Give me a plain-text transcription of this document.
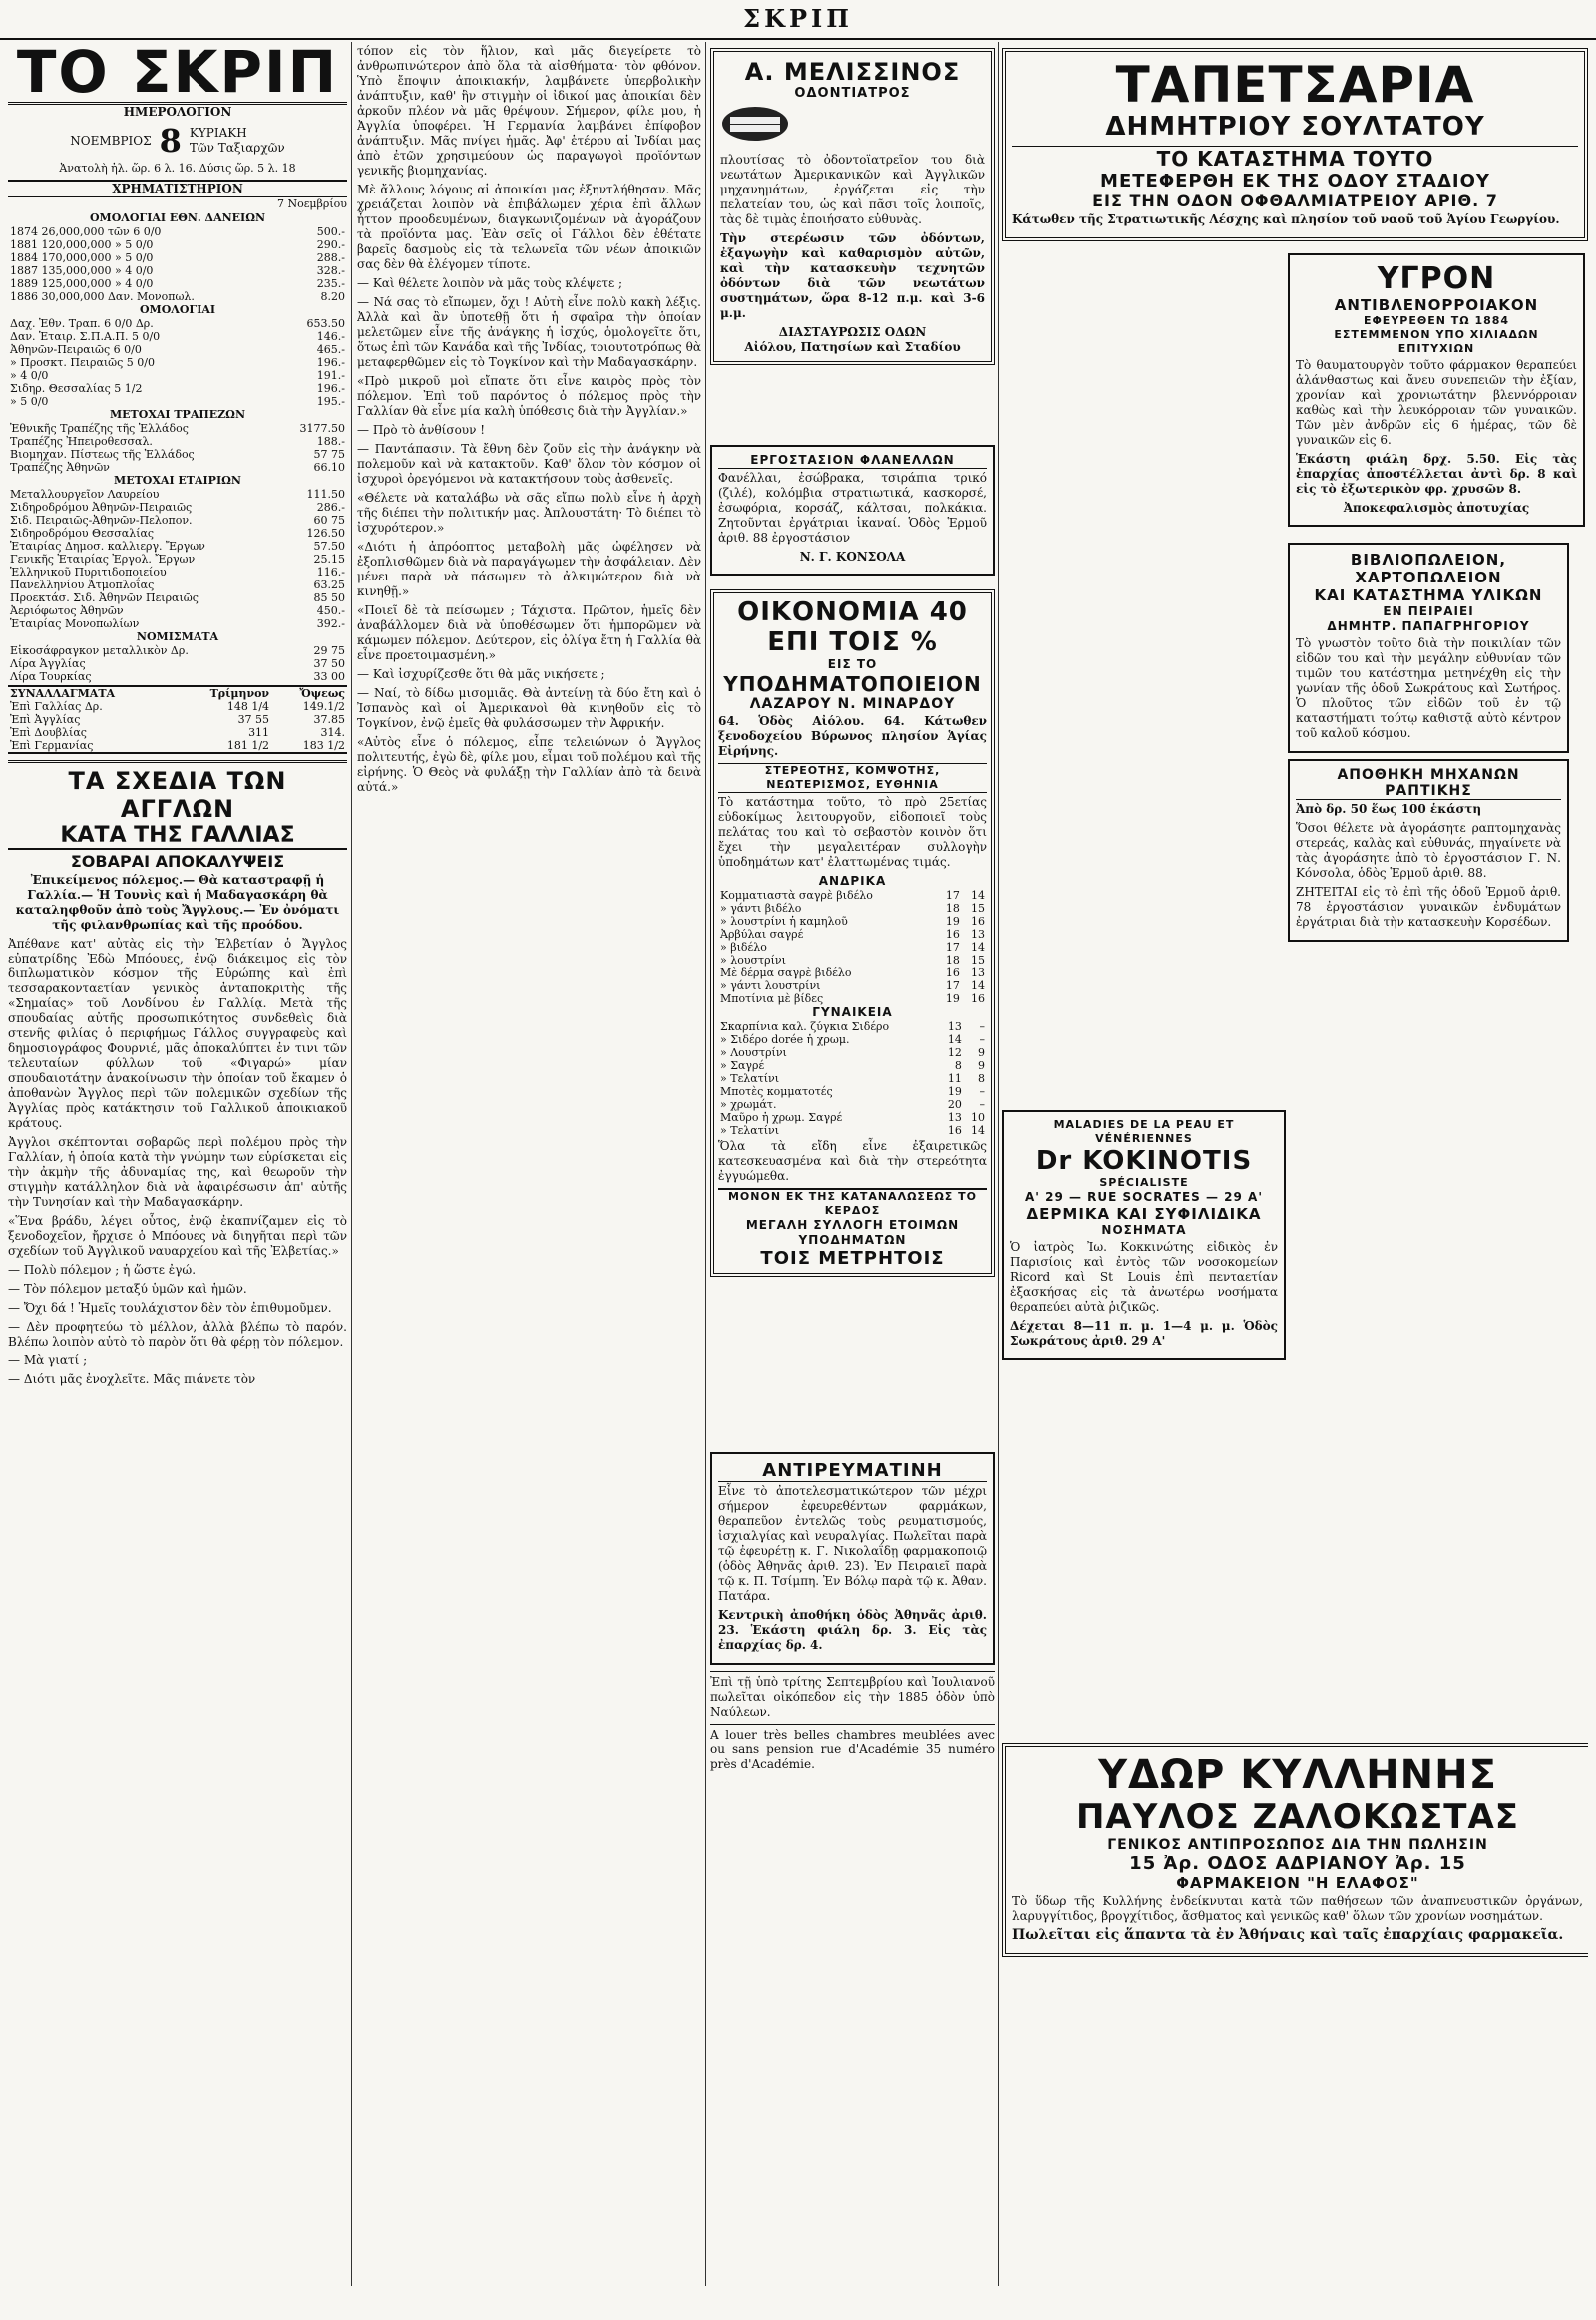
ΣΚΡΙΠ
ΤΟ ΣΚΡΙΠ
ΗΜΕΡΟΛΟΓΙΟΝ
ΝΟΕΜΒΡΙΟΣ 8 ΚΥΡΙΑΚΗ
Τῶν Ταξιαρχῶν
Ἀνατολὴ ἡλ. ὥρ. 6 λ. 16. Δύσις ὥρ. 5 λ. 18
ΧΡΗΜΑΤΙΣΤΗΡΙΟΝ
7 Νοεμβρίου
ΟΜΟΛΟΓΙΑΙ ΕΘΝ. ΔΑΝΕΙΩΝ
1874 26,000,000 τῶν 6 0/0	500.-
1881 120,000,000 » 5 0/0	290.-
1884 170,000,000 » 5 0/0	288.-
1887 135,000,000 » 4 0/0	328.-
1889 125,000,000 » 4 0/0	235.-
1886 30,000,000 Δαν. Μονοπωλ.	8.20
ΟΜΟΛΟΓΙΑΙ
Δαχ. Ἐθν. Τραπ. 6 0/0 Δρ.	653.50
Δαν. Ἑταιρ. Σ.Π.Α.Π. 5 0/0	146.-
Ἀθηνῶν-Πειραιῶς 6 0/0	465.-
» Προσκτ. Πειραιῶς 5 0/0	196.-
» 4 0/0	191.-
Σιδηρ. Θεσσαλίας 5 1/2	196.-
» 5 0/0	195.-
ΜΕΤΟΧΑΙ ΤΡΑΠΕΖΩΝ
Ἐθνικῆς Τραπέζης τῆς Ἑλλάδος	3177.50
Τραπέζης Ἠπειροθεσσαλ.	188.-
Βιομηχαν. Πίστεως τῆς Ἑλλάδος	57 75
Τραπέζης Ἀθηνῶν	66.10
ΜΕΤΟΧΑΙ ΕΤΑΙΡΙΩΝ
Μεταλλουργεῖον Λαυρείου	111.50
Σιδηροδρόμου Ἀθηνῶν-Πειραιῶς	286.-
Σιδ. Πειραιῶς-Ἀθηνῶν-Πελοπον.	60 75
Σιδηροδρόμου Θεσσαλίας	126.50
Ἑταιρίας Δημοσ. καλλιεργ. Ἔργων	57.50
Γενικῆς Ἑταιρίας Ἐργολ. Ἔργων	25.15
Ἑλληνικοῦ Πυριτιδοποιείου	116.-
Πανελληνίου Ἀτμοπλοΐας	63.25
Προεκτάσ. Σιδ. Ἀθηνῶν Πειραιῶς	85 50
Ἀεριόφωτος Ἀθηνῶν	450.-
Ἑταιρίας Μονοπωλίων	392.-
ΝΟΜΙΣΜΑΤΑ
Εἰκοσάφραγκον μεταλλικὸν Δρ.	29 75
Λίρα Ἀγγλίας	37 50
Λίρα Τουρκίας	33 00
ΣΥΝΑΛΛΑΓΜΑΤΑ	Τρίμηνον	Ὄψεως
Ἐπὶ Γαλλίας Δρ.	148 1/4	149.1/2
Ἐπὶ Ἀγγλίας	37 55	37.85
Ἐπὶ Δουβλίας	311	314.
Ἐπὶ Γερμανίας	181 1/2	183 1/2
ΤΑ ΣΧΕΔΙΑ ΤΩΝ ΑΓΓΛΩΝ
ΚΑΤΑ ΤΗΣ ΓΑΛΛΙΑΣ
ΣΟΒΑΡΑΙ ΑΠΟΚΑΛΥΨΕΙΣ
Ἐπικείμενος πόλεμος.— Θὰ καταστραφῇ ἡ Γαλλία.— Ἡ Τουνὶς καὶ ἡ Μαδαγασκάρη θὰ καταληφθοῦν ἀπὸ τοὺς Ἄγγλους.— Ἐν ὀνόματι τῆς φιλανθρωπίας καὶ τῆς προόδου.
Ἀπέθανε κατ' αὐτὰς εἰς τὴν Ἑλβετίαν ὁ Ἄγγλος εὐπατρίδης Ἐδὼ Μπόουες, ἐνῷ διάκειμος εἰς τὸν διπλωματικὸν κόσμον τῆς Εὐρώπης καὶ ἐπὶ τεσσαρακονταετίαν γενικὸς ἀνταποκριτὴς τῆς «Σημαίας» τοῦ Λονδίνου ἐν Γαλλίᾳ. Μετὰ τῆς σπουδαίας αὐτῆς προσωπικότητος συνδεθεὶς διὰ στενῆς φιλίας ὁ περιφήμως Γάλλος συγγραφεὺς καὶ δημοσιογράφος Φουρνιέ, μᾶς ἀποκαλύπτει ἐν τινι τῶν τελευταίων φύλλων τοῦ «Φιγαρώ» μίαν σπουδαιοτάτην ἀνακοίνωσιν τὴν ὁποίαν τοῦ ἔκαμεν ὁ ἀποθανὼν Ἄγγλος περὶ τῶν πολεμικῶν σχεδίων τῆς Ἀγγλίας πρὸς κατάκτησιν τοῦ Γαλλικοῦ ἀποικιακοῦ κράτους.
Ἀγγλοι σκέπτονται σοβαρῶς περὶ πολέμου πρὸς τὴν Γαλλίαν, ἡ ὁποία κατὰ τὴν γνώμην των εὑρίσκεται εἰς τὴν ἀκμὴν τῆς ἀδυναμίας της, καὶ θεωροῦν τὴν στιγμὴν κατάλληλον διὰ νὰ ἀφαιρέσωσιν ἀπ' αὐτῆς τὴν Τυνησίαν καὶ τὴν Μαδαγασκάρην.
«Ἕνα βράδυ, λέγει οὗτος, ἐνῷ ἐκαπνίζαμεν εἰς τὸ ξενοδοχεῖον, ἤρχισε ὁ Μπόουες νὰ διηγῆται περὶ τῶν σχεδίων τοῦ Ἀγγλικοῦ ναυαρχείου καὶ τῆς Ἐλβετίας.»
— Πολὺ πόλεμον ; ἡ ὥστε ἐγώ.
— Τὸν πόλεμον μεταξύ ὑμῶν καὶ ἡμῶν.
— Ὄχι δά ! Ἡμεῖς τουλάχιστον δὲν τὸν ἐπιθυμοῦμεν.
— Δὲν προφητεύω τὸ μέλλον, ἀλλὰ βλέπω τὸ παρόν. Βλέπω λοιπὸν αὐτὸ τὸ παρὸν ὅτι θὰ φέρῃ τὸν πόλεμον.
— Μὰ γιατί ;
— Διότι μᾶς ἐνοχλεῖτε. Μᾶς πιάνετε τὸν
τόπον εἰς τὸν ἥλιον, καὶ μᾶς διεγείρετε τὸ ἀνθρωπινώτερον ἀπὸ ὅλα τὰ αἰσθήματα· τὸν φθόνον. Ὑπὸ ἔποψιν ἀποικιακήν, λαμβάνετε ὑπερβολικὴν ἀνάπτυξιν, καθ' ἣν στιγμὴν οἱ ἰδικοί μας ἀποικίαι δὲν ἀρκοῦν πλέον νὰ μᾶς θρέψουν. Σήμερον, φίλε μου, ἡ Ἀγγλία ὑποφέρει. Ἡ Γερμανία λαμβάνει ἐπίφοβον ἀνάπτυξιν. Μᾶς πνίγει ἡμᾶς. Ἀφ' ἑτέρου αἱ Ἰνδίαι μας ἀπὸ ἐτῶν χρησιμεύουν ὡς παραγωγοὶ προϊόντων γενικῆς βιομηχανίας.
Μὲ ἄλλους λόγους αἱ ἀποικίαι μας ἐξηντλήθησαν. Μᾶς χρειάζεται λοιπὸν νὰ ἐπιβάλωμεν χέρια ἐπὶ ἄλλων ἧττον προοδευμένων, διαγκωνιζομένων νὰ ἀγοράζουν τὰ προϊόντα μας. Ἐὰν σεῖς οἱ Γάλλοι δὲν ἐθέτατε βαρεῖς δασμοὺς εἰς τὰ τελωνεῖα τῶν νέων ἀποικιῶν σας δὲν θὰ ἐλέγομεν τίποτε.
— Καὶ θέλετε λοιπὸν νὰ μᾶς τοὺς κλέψετε ;
— Νά σας τὸ εἴπωμεν, ὄχι ! Αὐτὴ εἶνε πολὺ κακὴ λέξις. Ἀλλὰ καὶ ἂν ὑποτεθῇ ὅτι ἡ σφαῖρα τὴν ὁποίαν μελετῶμεν εἶνε τῆς ἀνάγκης ἡ ἰσχύς, ὁμολογεῖτε ὅτι, ὅτως ἐπὶ τῶν Κανάδα καὶ τῆς Ἰνδίας, τοιουτοτρόπως θὰ μεταφερθῶμεν εἰς τὸ Τογκίνον καὶ τὴν Μαδαγασκάρην.
«Πρὸ μικροῦ μοὶ εἴπατε ὅτι εἶνε καιρὸς πρὸς τὸν πόλεμον. Ἐπὶ τοῦ παρόντος ὁ πόλεμος πρὸς τὴν Γαλλίαν θὰ εἶνε μία καλὴ ὑπόθεσις διὰ τὴν Ἀγγλίαν.»
— Πρὸ τὸ ἀνθίσουν !
— Παντάπασιν. Τὰ ἔθνη δὲν ζοῦν εἰς τὴν ἀνάγκην νὰ πολεμοῦν καὶ νὰ κατακτοῦν. Καθ' ὅλον τὸν κόσμον οἱ ἰσχυροὶ ὀρεγόμενοι νὰ κατακτήσουν τοὺς ἀσθενεῖς.
«Θέλετε νὰ καταλάβω νὰ σᾶς εἴπω πολὺ εἶνε ἡ ἀρχὴ τῆς διέπει τὴν πολιτικήν μας. Ἀπλουστάτη· Τὸ διέπει τὸ ἰσχυρότερον.»
«Διότι ἡ ἀπρόοπτος μεταβολὴ μᾶς ὠφέλησεν νὰ ἐξοπλισθῶμεν διὰ νὰ παραγάγωμεν τὴν ἀσφάλειαν. Δὲν μένει παρὰ νὰ πάσωμεν τὸ ἀλκιμώτερον διὰ νὰ κινηθῇ.»
«Ποιεῖ δὲ τὰ πείσωμεν ; Τάχιστα. Πρῶτον, ἡμεῖς δὲν ἀναβάλλομεν διὰ νὰ ὑποθέσωμεν ὅτι ἡμπορῶμεν νὰ κάμωμεν πόλεμον. Δεύτερον, εἰς ὀλίγα ἔτη ἡ Γαλλία θὰ εἶνε προετοιμασμένη.»
— Καὶ ἰσχυρίζεσθε ὅτι θὰ μᾶς νικήσετε ;
— Ναί, τὸ δίδω μισομιᾶς. Θὰ ἀντείνῃ τὰ δύο ἔτη καὶ ὁ Ἰσπανὸς καὶ οἱ Ἀμερικανοὶ θὰ κινηθοῦν εἰς τὸ Τογκίνον, ἐνῷ ἐμεῖς θὰ φυλάσσωμεν τὴν Ἀφρικήν.
«Αὐτὸς εἶνε ὁ πόλεμος, εἶπε τελειώνων ὁ Ἄγγλος πολιτευτής, ἐγὼ δὲ, φίλε μου, εἶμαι τοῦ πολέμου καὶ τῆς εἰρήνης. Ὁ Θεὸς νὰ φυλάξῃ τὴν Γαλλίαν ἀπὸ τὰ δεινὰ αὐτά.»
Α. ΜΕΛΙΣΣΙΝΟΣ
ΟΔΟΝΤΙΑΤΡΟΣ
πλουτίσας τὸ ὀδοντοϊατρεῖον του διὰ νεωτάτων Ἀμερικανικῶν καὶ Ἀγγλικῶν μηχανημάτων, ἐργάζεται εἰς τὴν πελατείαν του, ὡς καὶ πᾶσι τοῖς λοιποῖς, τὰς δὲ τιμὰς ἐποιήσατο εὐθυνὰς.
Τὴν στερέωσιν τῶν ὀδόντων, ἐξαγωγὴν καὶ καθαρισμὸν αὐτῶν, καὶ τὴν κατασκευὴν τεχνητῶν ὀδόντων διὰ τῶν νεωτάτων συστημάτων, ὥρα 8-12 π.μ. καὶ 3-6 μ.μ.
ΔΙΑΣΤΑΥΡΩΣΙΣ ΟΔΩΝ
Αἰόλου, Πατησίων καὶ Σταδίου
ΕΡΓΟΣΤΑΣΙΟΝ ΦΛΑΝΕΛΛΩΝ
Φανέλλαι, ἐσώβρακα, τσιράπια τρικό (ζιλέ), κολόμβια στρατιωτικά, κασκορσέ, ἐσωφόρια, κορσάζ, κάλτσαι, πολκάκια. Ζητοῦνται ἐργάτριαι ἱκαναί. Ὁδὸς Ἑρμοῦ ἀριθ. 88 ἐργοστάσιον
Ν. Γ. ΚΟΝΣΟΛΑ
ΟΙΚΟΝΟΜΙΑ 40 ΕΠΙ ΤΟΙΣ %
ΕΙΣ ΤΟ
ΥΠΟΔΗΜΑΤΟΠΟΙΕΙΟΝ
ΛΑΖΑΡΟΥ Ν. ΜΙΝΑΡΔΟΥ
64. Ὁδὸς Αἰόλου. 64. Κάτωθεν ξενοδοχείου Βύρωνος πλησίον Ἁγίας Εἰρήνης.
ΣΤΕΡΕΟΤΗΣ, ΚΟΜΨΟΤΗΣ, ΝΕΩΤΕΡΙΣΜΟΣ, ΕΥΘΗΝΙΑ
Τὸ κατάστημα τοῦτο, τὸ πρὸ 25ετίας εὐδοκίμως λειτουργοῦν, εἰδοποιεῖ τοὺς πελάτας του καὶ τὸ σεβαστὸν κοινὸν ὅτι ἔχει τὴν μεγαλειτέραν συλλογὴν ὑποδημάτων κατ' ἐλαττωμένας τιμάς.
ΑΝΔΡΙΚΑ
Κομματιαστὰ σαγρὲ βιδέλο	17	14
» γάντι βιδέλο	18	15
» λουστρίνι ἡ καμηλοῦ	19	16
Ἀρβύλαι σαγρέ	16	13
» βιδέλο	17	14
» λουστρίνι	18	15
Μὲ δέρμα σαγρὲ βιδέλο	16	13
» γάντι λουστρίνι	17	14
Μποτίνια μὲ βίδες	19	16
ΓΥΝΑΙΚΕΙΑ
Σκαρπίνια καλ. ζύγκια Σιδέρο	13	–
» Σιδέρο dorée ἡ χρωμ.	14	–
» Λουστρίνι	12	9
» Σαγρέ	8	9
» Τελατίνι	11	8
Μποτὲς κομματοτές	19	–
» χρωμάτ.	20	–
Μαῦρο ἡ χρωμ. Σαγρέ	13	10
» Τελατίνι	16	14
Ὅλα τὰ εἴδη εἶνε ἐξαιρετικῶς κατεσκευασμένα καὶ διὰ τὴν στερεότητα ἐγγυώμεθα.
ΜΟΝΟΝ ΕΚ ΤΗΣ ΚΑΤΑΝΑΛΩΣΕΩΣ ΤΟ ΚΕΡΔΟΣ
ΜΕΓΑΛΗ ΣΥΛΛΟΓΗ ΕΤΟΙΜΩΝ ΥΠΟΔΗΜΑΤΩΝ
ΤΟΙΣ ΜΕΤΡΗΤΟΙΣ
ΑΝΤΙΡΕΥΜΑΤΙΝΗ
Εἶνε τὸ ἀποτελεσματικώτερον τῶν μέχρι σήμερον ἐφευρεθέντων φαρμάκων, θεραπεῦον ἐντελῶς τοὺς ρευματισμούς, ἰσχιαλγίας καὶ νευραλγίας. Πωλεῖται παρὰ τῷ ἐφευρέτῃ κ. Γ. Νικολαΐδῃ φαρμακοποιῷ (ὁδὸς Ἀθηνᾶς ἀριθ. 23). Ἐν Πειραιεῖ παρὰ τῷ κ. Π. Τσίμπη. Ἐν Βόλῳ παρὰ τῷ κ. Ἀθαν. Πατάρα.
Κεντρικὴ ἀποθήκη ὁδὸς Ἀθηνᾶς ἀριθ. 23. Ἑκάστη φιάλη δρ. 3. Εἰς τὰς ἐπαρχίας δρ. 4.
Ἐπὶ τῇ ὑπὸ τρίτης Σεπτεμβρίου καὶ Ἰουλιανοῦ πωλεῖται οἰκόπεδον εἰς τὴν 1885 ὁδὸν ὑπὸ Ναύλεων.
A louer très belles chambres meublées avec ou sans pension rue d'Académie 35 numéro près d'Académie.
ΤΑΠΕΤΣΑΡΙΑ
ΔΗΜΗΤΡΙΟΥ ΣΟΥΛΤΑΤΟΥ
ΤΟ ΚΑΤΑΣΤΗΜΑ ΤΟΥΤΟ
ΜΕΤΕΦΕΡΘΗ ΕΚ ΤΗΣ ΟΔΟΥ ΣΤΑΔΙΟΥ
ΕΙΣ ΤΗΝ ΟΔΟΝ ΟΦΘΑΛΜΙΑΤΡΕΙΟΥ ΑΡΙΘ. 7
Κάτωθεν τῆς Στρατιωτικῆς Λέσχης καὶ πλησίον τοῦ ναοῦ τοῦ Ἁγίου Γεωργίου.
ΥΓΡΟΝ
ΑΝΤΙΒΛΕΝΟΡΡΟΙΑΚΟΝ
ΕΦΕΥΡΕΘΕΝ ΤΩ 1884
ΕΣΤΕΜΜΕΝΟΝ ΥΠΟ ΧΙΛΙΑΔΩΝ ΕΠΙΤΥΧΙΩΝ
Τὸ θαυματουργὸν τοῦτο φάρμακον θεραπεύει ἀλάνθαστως καὶ ἄνευ συνεπειῶν τὴν ἐξίαν, χρονίαν καὶ χρονιωτάτην βλεννόρροιαν καθὼς καὶ τὴν λευκόρροιαν τῶν γυναικῶν. Τῶν μὲν ἀνδρῶν εἰς 6 ἡμέρας, τῶν δὲ γυναικῶν εἰς 6.
Ἑκάστη φιάλη δρχ. 5.50. Εἰς τὰς ἐπαρχίας ἀποστέλλεται ἀντὶ δρ. 8 καὶ εἰς τὸ ἐξωτερικὸν φρ. χρυσῶν 8.
Ἀποκεφαλισμὸς ἀποτυχίας
ΒΙΒΛΙΟΠΩΛΕΙΟΝ, ΧΑΡΤΟΠΩΛΕΙΟΝ
ΚΑΙ ΚΑΤΑΣΤΗΜΑ ΥΛΙΚΩΝ
ΕΝ ΠΕΙΡΑΙΕΙ
ΔΗΜΗΤΡ. ΠΑΠΑΓΡΗΓΟΡΙΟΥ
Τὸ γνωστὸν τοῦτο διὰ τὴν ποικιλίαν τῶν εἰδῶν του καὶ τὴν μεγάλην εὐθυνίαν τῶν τιμῶν του κατάστημα μετηνέχθη εἰς τὴν γωνίαν τῆς ὁδοῦ Σωκράτους καὶ Σωτήρος. Ὁ πλοῦτος τῶν εἰδῶν τοῦ ἐν τῷ καταστήματι τούτῳ καθιστᾷ αὐτὸ κέντρον τοῦ καλοῦ κόσμου.
ΑΠΟΘΗΚΗ ΜΗΧΑΝΩΝ ΡΑΠΤΙΚΗΣ
Ἀπὸ δρ. 50 ἕως 100 ἑκάστη
Ὅσοι θέλετε νὰ ἀγοράσητε ραπτομηχανὰς στερεάς, καλὰς καὶ εὐθυνάς, πηγαίνετε νὰ τὰς ἀγοράσητε ἀπὸ τὸ ἐργοστάσιον Γ. Ν. Κόνσολα, ὁδὸς Ἑρμοῦ ἀριθ. 88.
ΖΗΤΕΙΤΑΙ εἰς τὸ ἐπὶ τῆς ὁδοῦ Ἑρμοῦ ἀριθ. 78 ἐργοστάσιον γυναικῶν ἐνδυμάτων ἐργάτριαι διὰ τὴν κατασκευὴν Κορσέδων.
MALADIES DE LA PEAU ET VÉNÉRIENNES
Dr KOKINOTIS
SPÉCIALISTE
Α' 29 — RUE SOCRATES — 29 Α'
ΔΕΡΜΙΚΑ ΚΑΙ ΣΥΦΙΛΙΔΙΚΑ
ΝΟΣΗΜΑΤΑ
Ὁ ἰατρὸς Ἰω. Κοκκινώτης εἰδικὸς ἐν Παρισίοις καὶ ἐντὸς τῶν νοσοκομείων Ricord καὶ St Louis ἐπὶ πενταετίαν ἐξασκήσας εἰς τὰ ἀνωτέρω νοσήματα θεραπεύει αὐτὰ ῥιζικῶς.
Δέχεται 8—11 π. μ. 1—4 μ. μ. Ὁδὸς Σωκράτους ἀριθ. 29 Α'
ΥΔΩΡ ΚΥΛΛΗΝΗΣ
ΠΑΥΛΟΣ ΖΑΛΟΚΩΣΤΑΣ
ΓΕΝΙΚΟΣ ΑΝΤΙΠΡΟΣΩΠΟΣ ΔΙΑ ΤΗΝ ΠΩΛΗΣΙΝ
15 Ἀρ. ΟΔΟΣ ΑΔΡΙΑΝΟΥ Ἀρ. 15
ΦΑΡΜΑΚΕΙΟΝ "Η ΕΛΑΦΟΣ"
Τὸ ὕδωρ τῆς Κυλλήνης ἐνδείκνυται κατὰ τῶν παθήσεων τῶν ἀναπνευστικῶν ὀργάνων, λαρυγγίτιδος, βρογχίτιδος, ἄσθματος καὶ γενικῶς καθ' ὅλων τῶν χρονίων νοσημάτων.
Πωλεῖται εἰς ἅπαντα τὰ ἐν Ἀθήναις καὶ ταῖς ἐπαρχίαις φαρμακεῖα.
